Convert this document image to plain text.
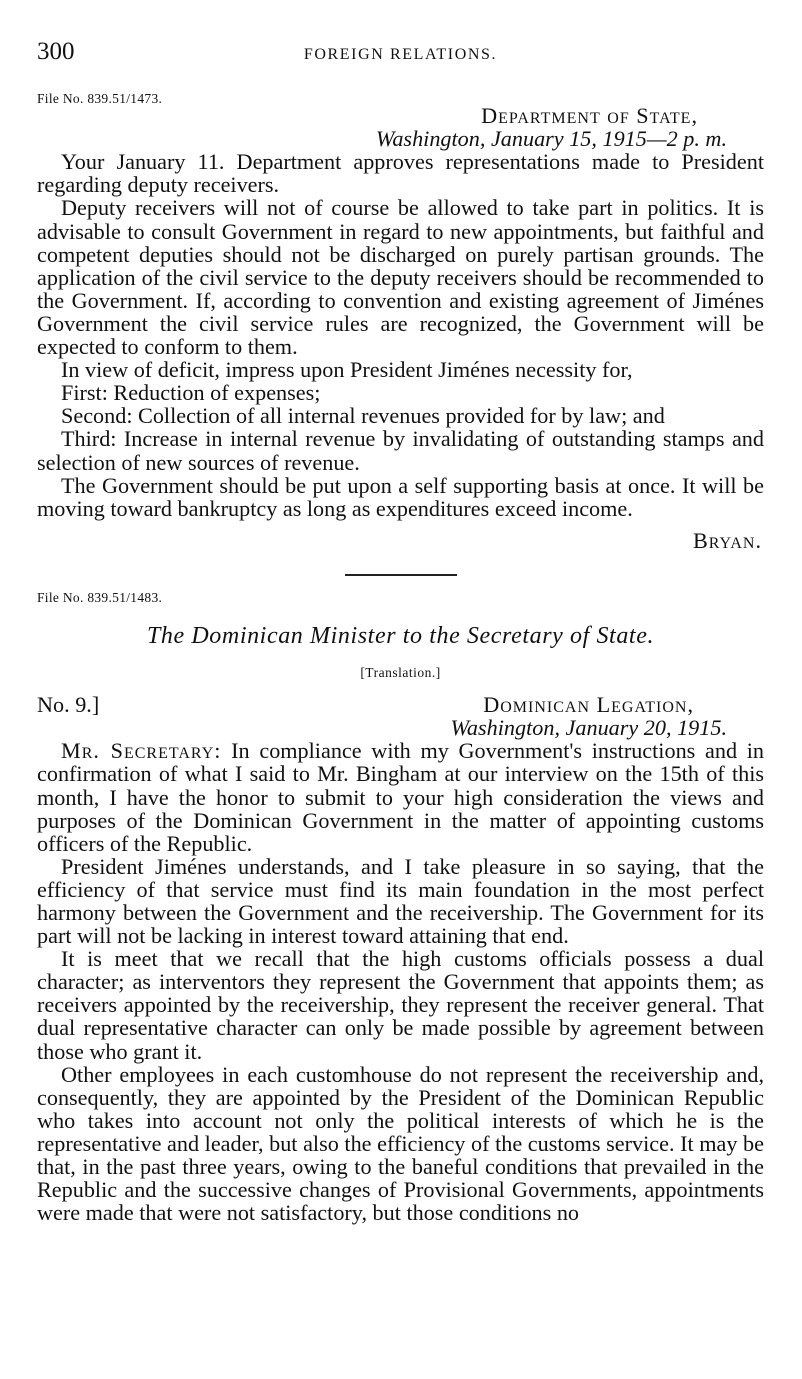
300	FOREIGN RELATIONS.

File No. 839.51/1473.

Department of State,

Washington, January 15, 1915—2 p. m.

Your January 11. Department approves representations made to President regarding deputy receivers.

Deputy receivers will not of course be allowed to take part in politics. It is advisable to consult Government in regard to new appointments, but faithful and competent deputies should not be discharged on purely partisan grounds. The application of the civil service to the deputy receivers should be recommended to the Government. If, according to convention and existing agreement of Jiménes Government the civil service rules are recognized, the Government will be expected to conform to them.

In view of deficit, impress upon President Jiménes necessity for,

First: Reduction of expenses;

Second: Collection of all internal revenues provided for by law; and

Third: Increase in internal revenue by invalidating of outstanding stamps and selection of new sources of revenue.

The Government should be put upon a self supporting basis at once. It will be moving toward bankruptcy as long as expenditures exceed income.

Bryan.

File No. 839.51/1483.

The Dominican Minister to the Secretary of State.

[Translation.]

No. 9.]	Dominican Legation,

Washington, January 20, 1915.

Mr. Secretary: In compliance with my Government's instructions and in confirmation of what I said to Mr. Bingham at our interview on the 15th of this month, I have the honor to submit to your high consideration the views and purposes of the Dominican Government in the matter of appointing customs officers of the Republic.

President Jiménes understands, and I take pleasure in so saying, that the efficiency of that service must find its main foundation in the most perfect harmony between the Government and the receivership. The Government for its part will not be lacking in interest toward attaining that end.

It is meet that we recall that the high customs officials possess a dual character; as interventors they represent the Government that appoints them; as receivers appointed by the receivership, they represent the receiver general. That dual representative character can only be made possible by agreement between those who grant it.

Other employees in each customhouse do not represent the receivership and, consequently, they are appointed by the President of the Dominican Republic who takes into account not only the political interests of which he is the representative and leader, but also the efficiency of the customs service. It may be that, in the past three years, owing to the baneful conditions that prevailed in the Republic and the successive changes of Provisional Governments, appointments were made that were not satisfactory, but those conditions no
